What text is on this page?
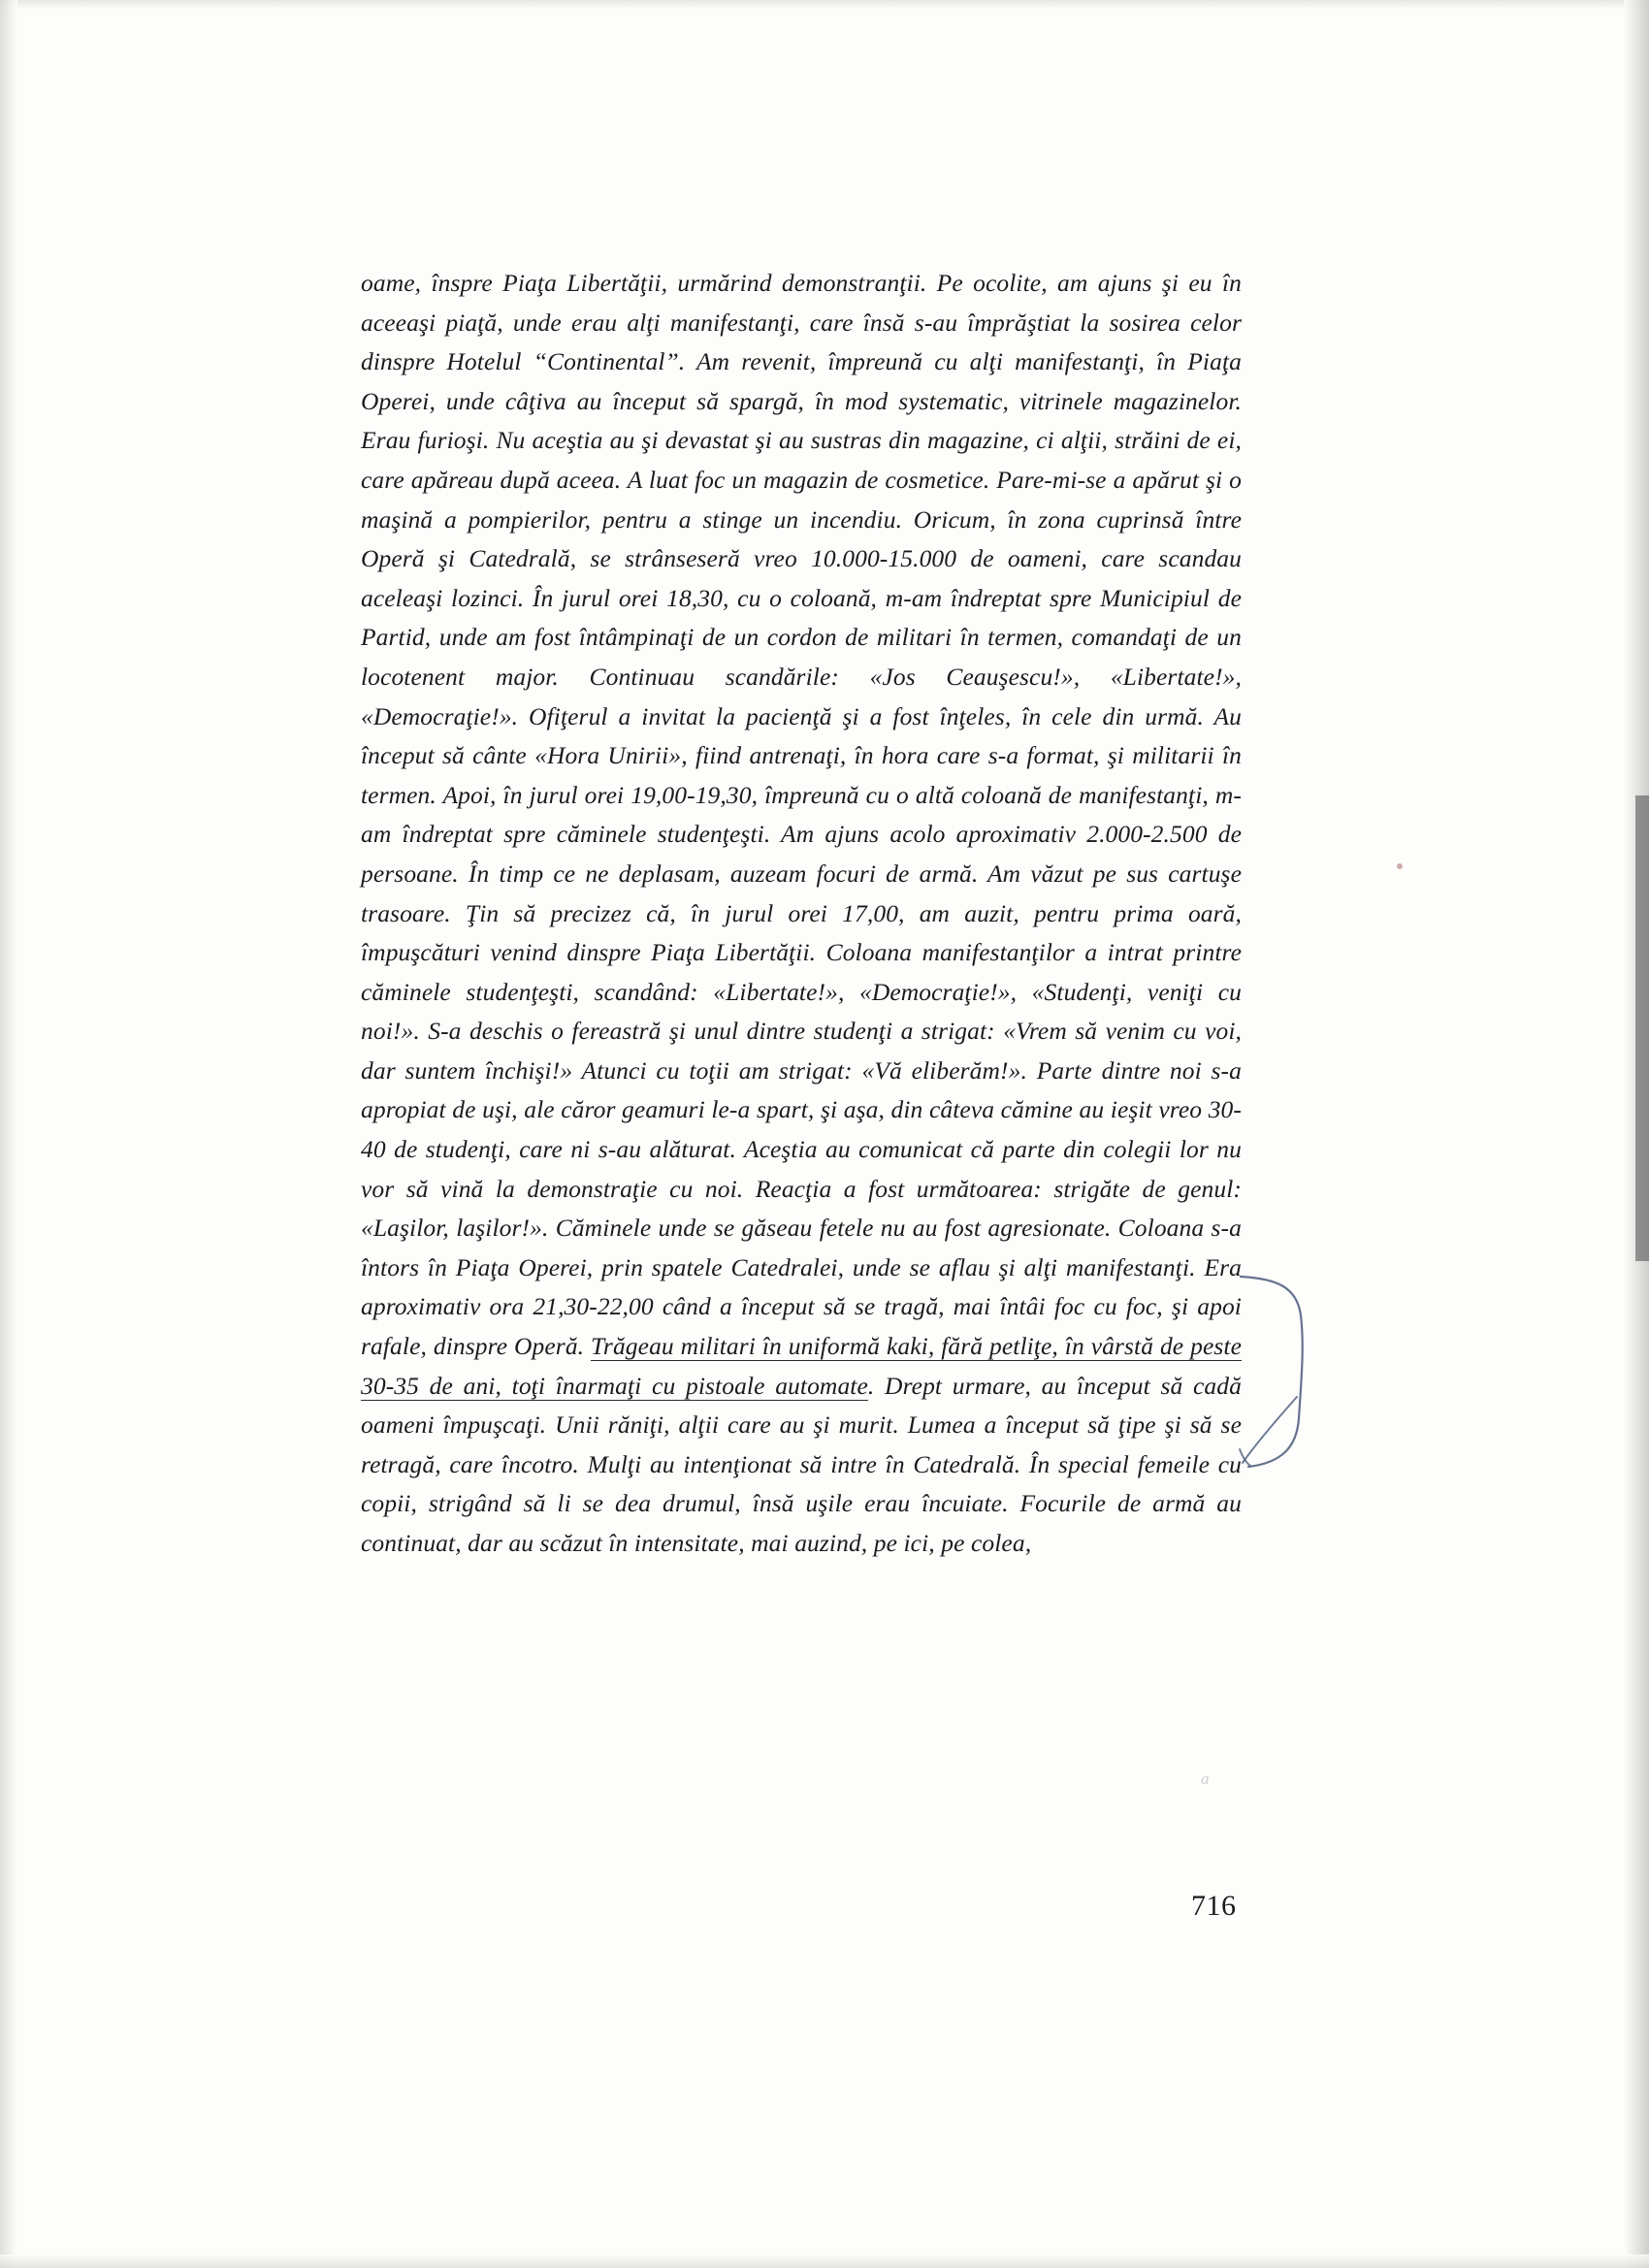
oame, înspre Piaţa Libertăţii, urmărind demonstranţii. Pe ocolite, am ajuns şi eu în aceeaşi piaţă, unde erau alţi manifestanţi, care însă s-au împrăştiat la sosirea celor dinspre Hotelul “Continental”. Am revenit, împreună cu alţi manifestanţi, în Piaţa Operei, unde câţiva au început să spargă, în mod systematic, vitrinele magazinelor. Erau furioşi. Nu aceştia au şi devastat şi au sustras din magazine, ci alţii, străini de ei, care apăreau după aceea. A luat foc un magazin de cosmetice. Pare-mi-se a apărut şi o maşină a pompierilor, pentru a stinge un incendiu. Oricum, în zona cuprinsă între Operă şi Catedrală, se strânseseră vreo 10.000-15.000 de oameni, care scandau aceleaşi lozinci. În jurul orei 18,30, cu o coloană, m-am îndreptat spre Municipiul de Partid, unde am fost întâmpinaţi de un cordon de militari în termen, comandaţi de un locotenent major. Continuau scandările: «Jos Ceauşescu!», «Libertate!», «Democraţie!». Ofiţerul a invitat la pacienţă şi a fost înţeles, în cele din urmă. Au început să cânte «Hora Unirii», fiind antrenaţi, în hora care s-a format, şi militarii în termen. Apoi, în jurul orei 19,00-19,30, împreună cu o altă coloană de manifestanţi, m-am îndreptat spre căminele studenţeşti. Am ajuns acolo aproximativ 2.000-2.500 de persoane. În timp ce ne deplasam, auzeam focuri de armă. Am văzut pe sus cartuşe trasoare. Ţin să precizez că, în jurul orei 17,00, am auzit, pentru prima oară, împuşcături venind dinspre Piaţa Libertăţii. Coloana manifestanţilor a intrat printre căminele studenţeşti, scandând: «Libertate!», «Democraţie!», «Studenţi, veniţi cu noi!». S-a deschis o fereastră şi unul dintre studenţi a strigat: «Vrem să venim cu voi, dar suntem închişi!» Atunci cu toţii am strigat: «Vă eliberăm!». Parte dintre noi s-a apropiat de uşi, ale căror geamuri le-a spart, şi aşa, din câteva cămine au ieşit vreo 30-40 de studenţi, care ni s-au alăturat. Aceştia au comunicat că parte din colegii lor nu vor să vină la demonstraţie cu noi. Reacţia a fost următoarea: strigăte de genul: «Laşilor, laşilor!». Căminele unde se găseau fetele nu au fost agresionate. Coloana s-a întors în Piaţa Operei, prin spatele Catedralei, unde se aflau şi alţi manifestanţi. Era aproximativ ora 21,30-22,00 când a început să se tragă, mai întâi foc cu foc, şi apoi rafale, dinspre Operă. Trăgeau militari în uniformă kaki, fără petliţe, în vârstă de peste 30-35 de ani, toţi înarmaţi cu pistoale automate. Drept urmare, au început să cadă oameni împuşcaţi. Unii răniţi, alţii care au şi murit. Lumea a început să ţipe şi să se retragă, care încotro. Mulţi au intenţionat să intre în Catedrală. În special femeile cu copii, strigând să li se dea drumul, însă uşile erau încuiate. Focurile de armă au continuat, dar au scăzut în intensitate, mai auzind, pe ici, pe colea,

a
716
